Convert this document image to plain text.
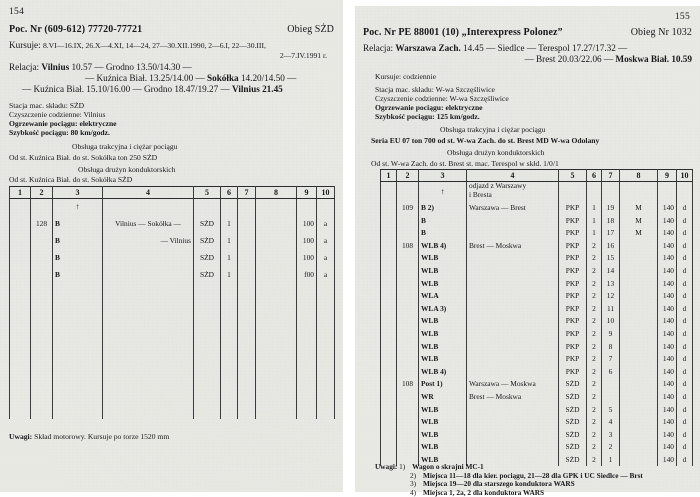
154
Poc. Nr (609-612) 77720-77721	Obieg SŻD
Kursuje: 8.VI—16.IX, 26.X—4.XI, 14—24, 27—30.XII.1990, 2—6.I, 22—30.III,
2—7.IV.1991 r.
Relacja: Vilnius 10.57 — Grodno 13.50/14.30 —
— Kuźnica Biał. 13.25/14.00 — Sokółka 14.20/14.50 —
— Kuźnica Biał. 15.10/16.00 — Grodno 18.47/19.27 — Vilnius 21.45
Stacja mac. składu: SŻD
Czyszczenie codzienne: Vilnius
Ogrzewanie pociągu: elektryczne
Szybkość pociągu: 80 km/godz.
Obsługa trakcyjna i ciężar pociągu
Od st. Kuźnica Biał. do st. Sokółka ton 250 SŻD
Obsługa drużyn konduktorskich
Od st. Kuźnica Biał. do st. Sokółka SŻD
1	2	3	4	5	6	7	8	9	10
		↑							
	128	B	Vilnius — Sokółka —	SŻD	1			100	a
		B	— Vilnius	SŻD	1			100	a
		B		SŻD	1			100	a
		B		SŻD	1			f00	a

Uwagi: Skład motorowy. Kursuje po torze 1520 mm
155
Poc. Nr PE 88001 (10) „Interexpress Polonez”	Obieg Nr 1032
Relacja: Warszawa Zach. 14.45 — Siedlce — Terespol 17.27/17.32 —
— Brest 20.03/22.06 — Moskwa Biał. 10.59
Kursuje: codziennie
Stacja mac. składu: W-wa Szczęśliwice
Czyszczenie codzienne: W-wa Szczęśliwice
Ogrzewanie pociągu: elektryczne
Szybkość pociągu: 125 km/godz.
Obsługa trakcyjna i ciężar pociągu
Seria EU 07 ton 700 od st. W-wa Zach. do st. Brest MD W-wa Odolany
Obsługa drużyn konduktorskich
Od st. W-wa Zach. do st. Brest st. mac. Terespol w skłd. 1/0/1
1	2	3	4	5	6	7	8	9	10
		↑	odjazd z Warszawy
i Bresta						

	109	B 2)	Warszawa — Brest	PKP	1	19	M	140	d
		B		PKP	1	18	M	140	d
		B		PKP	1	17	M	140	d
	108	WLB 4)	Brest — Moskwa	PKP	2	16		140	d
		WLB		PKP	2	15		140	d
		WLB		PKP	2	14		140	d
		WLB		PKP	2	13		140	d
		WLA		PKP	2	12		140	d
		WLA 3)		PKP	2	11		140	d
		WLB		PKP	2	10		140	d
		WLB		PKP	2	9		140	d
		WLB		PKP	2	8		140	d
		WLB		PKP	2	7		140	d
		WLB 4)		PKP	2	6		140	d
	108	Post 1)	Warszawa — Moskwa	SŻD	2			140	d
		WR	Brest — Moskwa	SŻD	2			140	d
		WLB		SŻD	2	5		140	d
		WLB		SŻD	2	4		140	d
		WLB		SŻD	2	3		140	d
		WLB		SŻD	2	2		140	d
		WLB		SŻD	2	1		140	d
Uwagi: 1) Wagon o skrajni MC-1
2) Miejsca 11—18 dla kier. pociągu, 21—28 dla GPK i UC Siedlce — Brst
3) Miejsca 19—20 dla starszego konduktora WARS
4) Miejsca 1, 2a, 2 dla konduktora WARS
